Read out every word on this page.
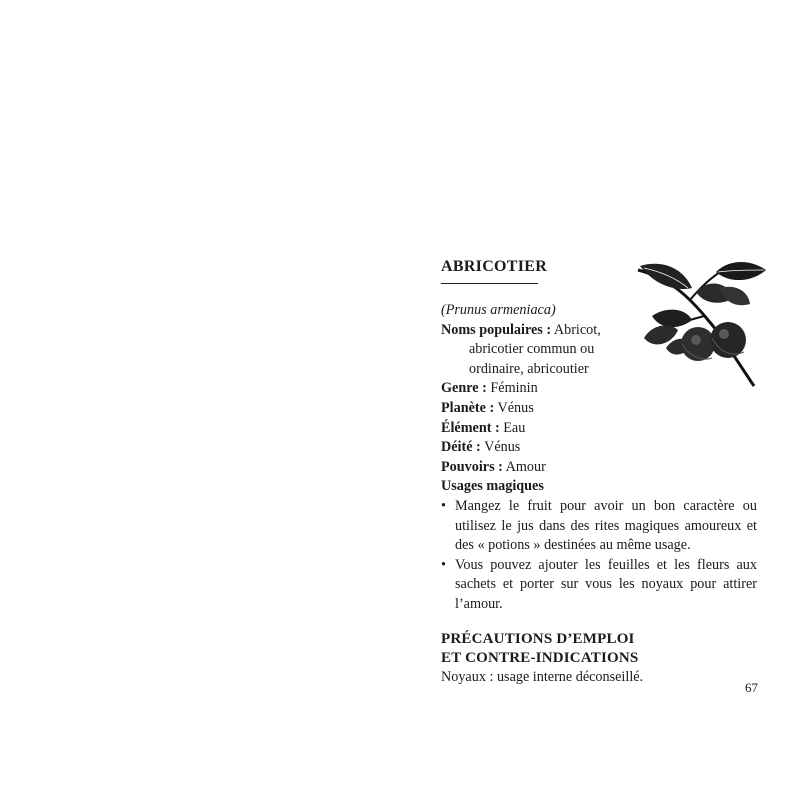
ABRICOTIER

(Prunus armeniaca)

Noms populaires : Abricot, abricotier commun ou ordinaire, abricoutier

Genre : Féminin

Planète : Vénus

Élément : Eau

Déité : Vénus

Pouvoirs : Amour

Usages magiques

• Mangez le fruit pour avoir un bon caractère ou utilisez le jus dans des rites magiques amoureux et des « potions » destinées au même usage.
• Vous pouvez ajouter les feuilles et les fleurs aux sachets et porter sur vous les noyaux pour attirer l’amour.
PRÉCAUTIONS D’EMPLOI
ET CONTRE-INDICATIONS

Noyaux : usage interne déconseillé.

67
